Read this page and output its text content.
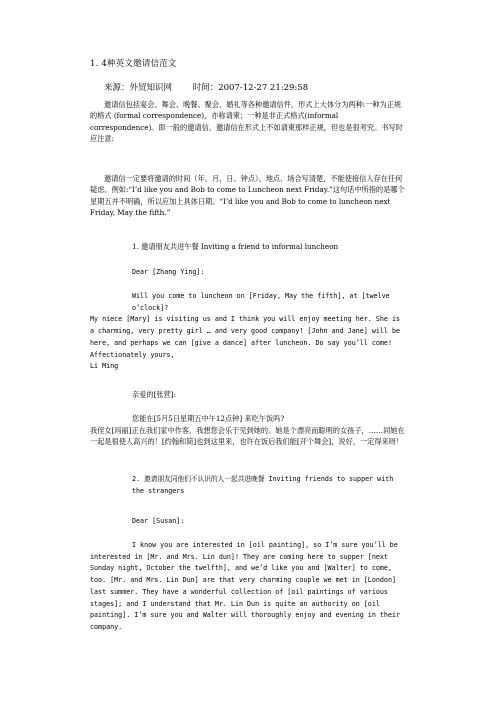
1. 4种英文邀请信范文
来源：外贸知识网 时间：2007-12-27 21:29:58
邀请信包括宴会、舞会、晚餐、聚会、婚礼等各种邀请信件，形式上大体分为两种:一种为正规的格式 (formal correspondence)，亦称请柬；一种是非正式格式(informal correspondence)。即一般的邀请信。邀请信在形式上不如请柬那样正规，但也是很考究。书写时应注意:
邀请信一定要将邀请的时间（年、月、日、钟点）、地点、场合写清楚，不能使接信人存在任何疑虑。例如:“I’d like you and Bob to come to Luncheon next Friday.”这句话中所指的是哪个星期五并不明确，所以应加上具体日期。“I’d like you and Bob to come to luncheon next Friday, May the fifth.”
1. 邀请朋友共进午餐 Inviting a friend to informal luncheon
Dear [Zhang Ying]:
Will you come to luncheon on [Friday, May the fifth], at [twelve o’clock]?
My niece [Mary] is visiting us and I think you will enjoy meeting her. She is a charming, very pretty girl … and very good company! [John and Jane] will be here, and perhaps we can [give a dance] after luncheon. Do say you’ll come!
Affectionately yours,
Li Ming
亲爱的[张营]:
您能在[5月5日星期五中午12点钟] 来吃午饭吗?
我侄女[玛丽]正在我们家中作客，我想您会乐于见到她的。她是个漂亮而聪明的女孩子，……同她在一起是很使人高兴的！[约翰和简]也到这里来，也许在饭后我们能[开个舞会]，说好，一定得来呀！
2. 邀请朋友同他们不认识的人一起共进晚餐 Inviting friends to supper with the strangers
Dear [Susan]:
I know you are interested in [oil painting], so I’m sure you’ll be interested in [Mr. and Mrs. Lin dun]! They are coming here to supper [next Sunday night, October the twelfth], and we’d like you and [Walter] to come, too. [Mr. and Mrs. Lin Dun] are that very charming couple we met in [London] last summer. They have a wonderful collection of [oil paintings of various stages]; and I understand that Mr. Lin Dun is quite an authority on [oil painting]. I’m sure you and Walter will thoroughly enjoy and evening in their company.
